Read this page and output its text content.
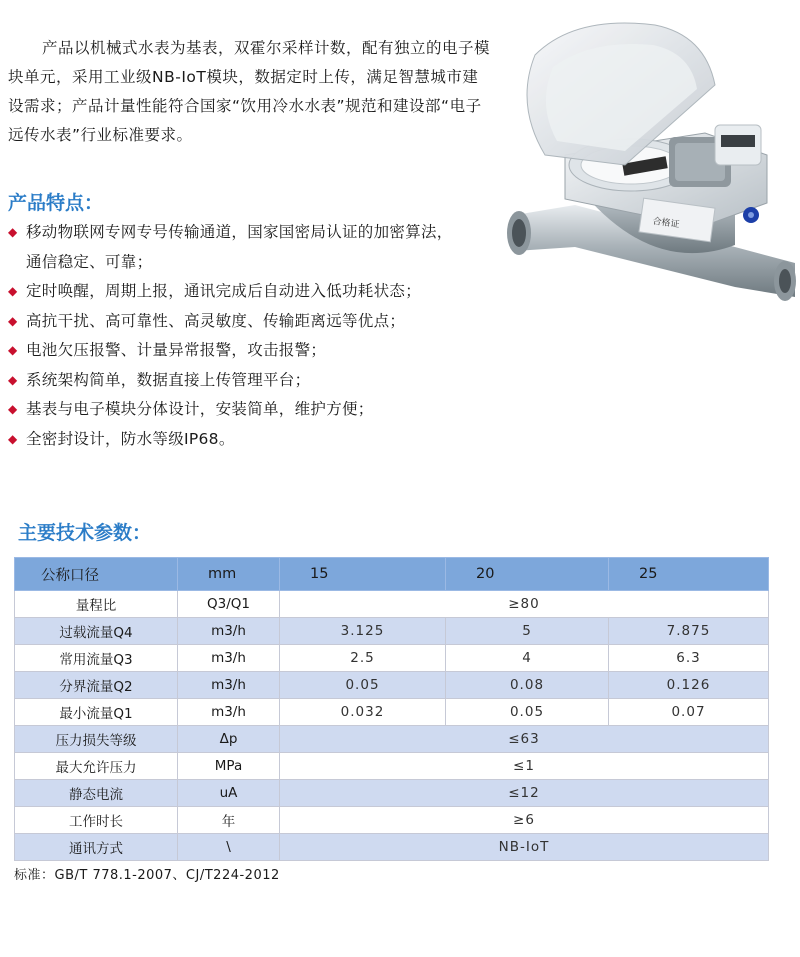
产品以机械式水表为基表，双霍尔采样计数，配有独立的电子模块单元，采用工业级NB-IoT模块，数据定时上传，满足智慧城市建设需求；产品计量性能符合国家“饮用冷水水表”规范和建设部“电子远传水表”行业标准要求。

产品特点：
◆ 移动物联网专网专号传输通道，国家国密局认证的加密算法，
通信稳定、可靠；
◆ 定时唤醒，周期上报，通讯完成后自动进入低功耗状态；
◆ 高抗干扰、高可靠性、高灵敏度、传输距离远等优点；
◆ 电池欠压报警、计量异常报警，攻击报警；
◆ 系统架构简单，数据直接上传管理平台；
◆ 基表与电子模块分体设计，安装简单，维护方便；
◆ 全密封设计，防水等级IP68。
合格证
主要技术参数：
公称口径	mm	15	20	25
量程比	Q3/Q1	≥80		
过载流量Q4	m3/h	3.125	5	7.875
常用流量Q3	m3/h	2.5	4	6.3
分界流量Q2	m3/h	0.05	0.08	0.126
最小流量Q1	m3/h	0.032	0.05	0.07
压力损失等级	Δp	≤63		
最大允许压力	MPa	≤1		
静态电流	uA	≤12		
工作时长	年	≥6		
通讯方式	\	NB-IoT		

标准：GB/T 778.1-2007、CJ/T224-2012
